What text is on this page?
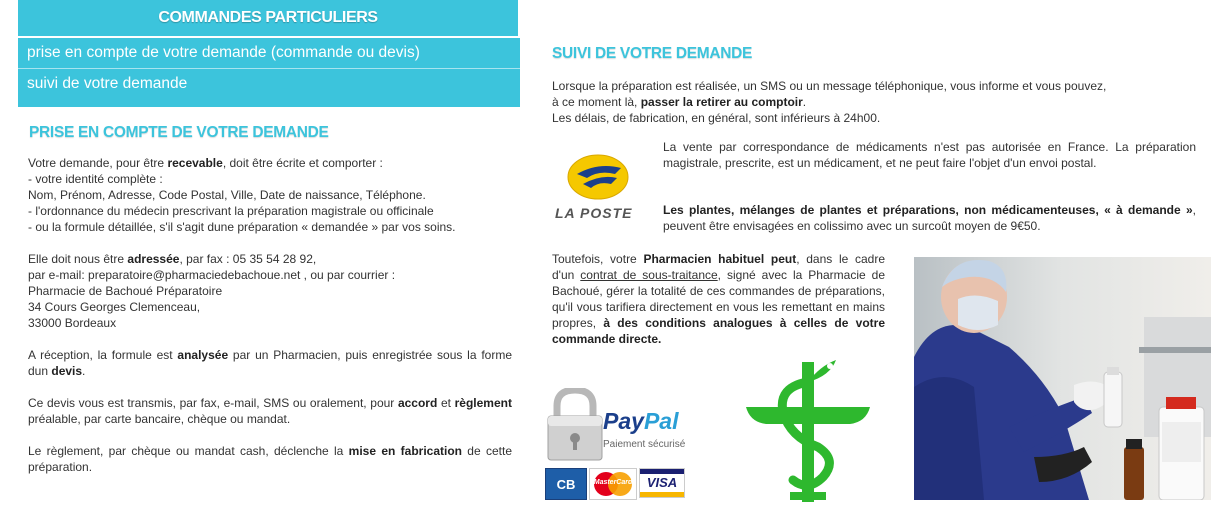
COMMANDES PARTICULIERS
prise en compte de votre demande (commande ou devis)
suivi de votre demande
PRISE EN COMPTE DE VOTRE DEMANDE

Votre demande, pour être recevable, doit être écrite et comporter :
- votre identité complète :
Nom, Prénom, Adresse, Code Postal, Ville, Date de naissance, Téléphone.
- l'ordonnance du médecin prescrivant la préparation magistrale ou officinale
- ou la formule détaillée, s'il s'agit dune préparation « demandée » par vos soins.

Elle doit nous être adressée, par fax : 05 35 54 28 92,
par e-mail: preparatoire@pharmaciedebachoue.net , ou par courrier :
Pharmacie de Bachoué Préparatoire
34 Cours Georges Clemenceau,
33000 Bordeaux

A réception, la formule est analysée par un Pharmacien, puis enregistrée sous la forme dun devis.

Ce devis vous est transmis, par fax, e-mail, SMS ou oralement, pour accord et règlement préalable, par carte bancaire, chèque ou mandat.

Le règlement, par chèque ou mandat cash, déclenche la mise en fabrication de cette préparation.

SUIVI DE VOTRE DEMANDE
Lorsque la préparation est réalisée, un SMS ou un message téléphonique, vous informe et vous pouvez,
à ce moment là, passer la retirer au comptoir.
Les délais, de fabrication, en général, sont inférieurs à 24h00.
LA POSTE
La vente par correspondance de médicaments n'est pas autorisée en France. La préparation magistrale, prescrite, est un médicament, et ne peut faire l'objet d'un envoi postal.
Les plantes, mélanges de plantes et préparations, non médicamenteuses, « à demande », peuvent être envisagées en colissimo avec un surcoût moyen de 9€50.
Toutefois, votre Pharmacien habituel peut, dans le cadre d'un contrat de sous-traitance, signé avec la Pharmacie de Bachoué, gérer la totalité de ces commandes de préparations, qu'il vous tarifiera directement en vous les remettant en mains propres, à des conditions analogues à celles de votre commande directe.
PayPal
Paiement sécurisé
CB	MasterCard	VISA
